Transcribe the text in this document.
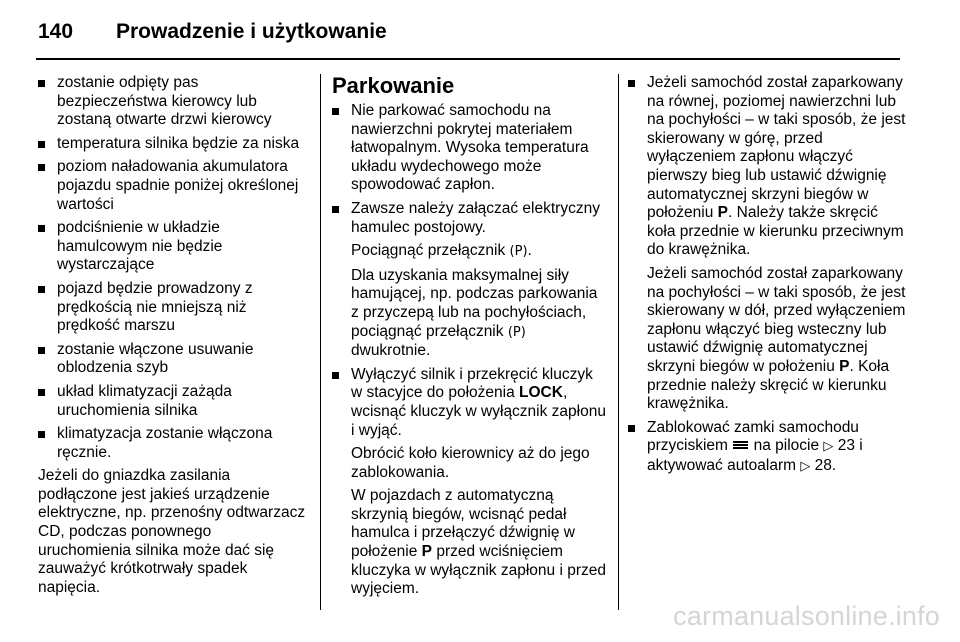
140 Prowadzenie i użytkowanie
zostanie odpięty pas bezpieczeństwa kierowcy lub zostaną otwarte drzwi kierowcy
temperatura silnika będzie za niska
poziom naładowania akumulatora pojazdu spadnie poniżej określonej wartości
podciśnienie w układzie hamulcowym nie będzie wystarczające
pojazd będzie prowadzony z prędkością nie mniejszą niż prędkość marszu
zostanie włączone usuwanie oblodzenia szyb
układ klimatyzacji zażąda uruchomienia silnika
klimatyzacja zostanie włączona ręcznie.

Jeżeli do gniazdka zasilania podłączone jest jakieś urządzenie elektryczne, np. przenośny odtwarzacz CD, podczas ponownego uruchomienia silnika może dać się zauważyć krótkotrwały spadek napięcia.

Parkowanie
Nie parkować samochodu na nawierzchni pokrytej materiałem łatwopalnym. Wysoka temperatura układu wydechowego może spowodować zapłon.
Zawsze należy załączać elektryczny hamulec postojowy.

Pociągnąć przełącznik (P).

Dla uzyskania maksymalnej siły hamującej, np. podczas parkowania z przyczepą lub na pochyłościach, pociągnąć przełącznik (P) dwukrotnie.

Wyłączyć silnik i przekręcić kluczyk w stacyjce do położenia LOCK, wcisnąć kluczyk w wyłącznik zapłonu i wyjąć.

Obrócić koło kierownicy aż do jego zablokowania.

W pojazdach z automatyczną skrzynią biegów, wcisnąć pedał hamulca i przełączyć dźwignię w położenie P przed wciśnięciem kluczyka w wyłącznik zapłonu i przed wyjęciem.

Jeżeli samochód został zaparkowany na równej, poziomej nawierzchni lub na pochyłości – w taki sposób, że jest skierowany w górę, przed wyłączeniem zapłonu włączyć pierwszy bieg lub ustawić dźwignię automatycznej skrzyni biegów w położeniu P. Należy także skręcić koła przednie w kierunku przeciwnym do krawężnika.

Jeżeli samochód został zaparkowany na pochyłości – w taki sposób, że jest skierowany w dół, przed wyłączeniem zapłonu włączyć bieg wsteczny lub ustawić dźwignię automatycznej skrzyni biegów w położeniu P. Koła przednie należy skręcić w kierunku krawężnika.

Zablokować zamki samochodu przyciskiem na pilocie ▷ 23 i aktywować autoalarm ▷ 28.
carmanualsonline.info
